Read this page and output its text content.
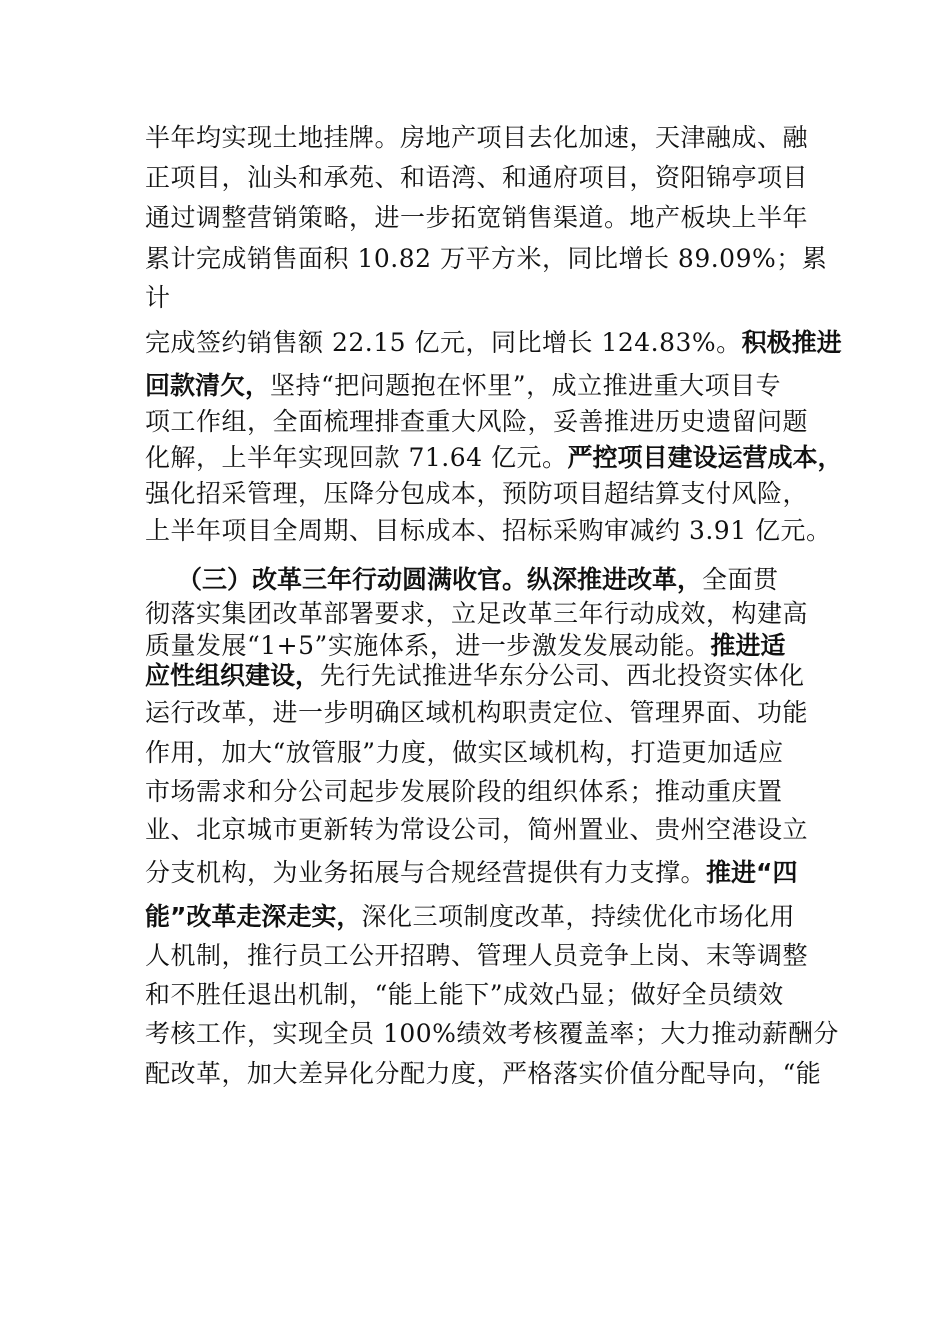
半年均实现土地挂牌。房地产项目去化加速，天津融成、融
正项目，汕头和承苑、和语湾、和通府项目，资阳锦亭项目
通过调整营销策略，进一步拓宽销售渠道。地产板块上半年
累计完成销售面积 10.82 万平方米，同比增长 89.09%；累
计
完成签约销售额 22.15 亿元，同比增长 124.83%。积极推进
回款清欠，坚持“把问题抱在怀里”，成立推进重大项目专
项工作组，全面梳理排查重大风险，妥善推进历史遗留问题
化解，上半年实现回款 71.64 亿元。严控项目建设运营成本，
强化招采管理，压降分包成本，预防项目超结算支付风险，
上半年项目全周期、目标成本、招标采购审减约 3.91 亿元。
（三）改革三年行动圆满收官。纵深推进改革，全面贯
彻落实集团改革部署要求，立足改革三年行动成效，构建高
质量发展“1+5”实施体系，进一步激发发展动能。推进适
应性组织建设，先行先试推进华东分公司、西北投资实体化
运行改革，进一步明确区域机构职责定位、管理界面、功能
作用，加大“放管服”力度，做实区域机构，打造更加适应
市场需求和分公司起步发展阶段的组织体系；推动重庆置
业、北京城市更新转为常设公司，简州置业、贵州空港设立
分支机构，为业务拓展与合规经营提供有力支撑。推进“四
能”改革走深走实，深化三项制度改革，持续优化市场化用
人机制，推行员工公开招聘、管理人员竞争上岗、末等调整
和不胜任退出机制，“能上能下”成效凸显；做好全员绩效
考核工作，实现全员 100%绩效考核覆盖率；大力推动薪酬分
配改革，加大差异化分配力度，严格落实价值分配导向，“能
